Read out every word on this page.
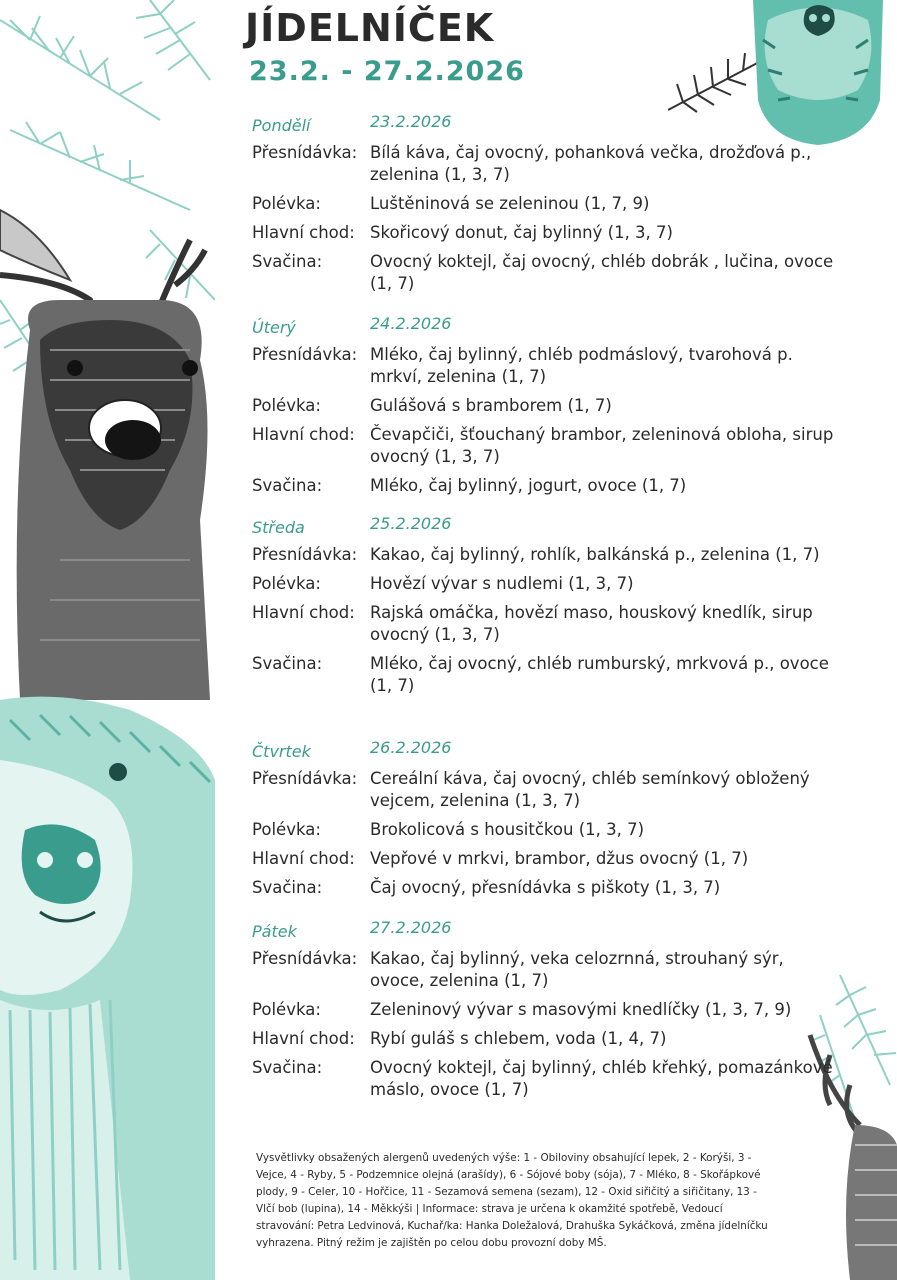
JÍDELNÍČEK
23.2. - 27.2.2026
Pondělí	23.2.2026
Přesnídávka: Bílá káva, čaj ovocný, pohanková večka, drožďová p., zelenina (1, 3, 7)
Polévka:	Luštěninová se zeleninou (1, 7, 9)
Hlavní chod: Skořicový donut, čaj bylinný (1, 3, 7)
Svačina:	Ovocný koktejl, čaj ovocný, chléb dobrák , lučina, ovoce (1, 7)
Úterý	24.2.2026
Přesnídávka: Mléko, čaj bylinný, chléb podmáslový, tvarohová p. mrkví, zelenina (1, 7)
Polévka:	Gulášová s bramborem (1, 7)
Hlavní chod: Čevapčiči, šťouchaný brambor, zeleninová obloha, sirup ovocný (1, 3, 7)
Svačina:	Mléko, čaj bylinný, jogurt, ovoce (1, 7)
Středa	25.2.2026
Přesnídávka: Kakao, čaj bylinný, rohlík, balkánská p., zelenina (1, 7)
Polévka:	Hovězí vývar s nudlemi (1, 3, 7)
Hlavní chod: Rajská omáčka, hovězí maso, houskový knedlík, sirup ovocný (1, 3, 7)
Svačina:	Mléko, čaj ovocný, chléb rumburský, mrkvová p., ovoce (1, 7)
Čtvrtek	26.2.2026
Přesnídávka: Cereální káva, čaj ovocný, chléb semínkový obložený vejcem, zelenina (1, 3, 7)
Polévka:	Brokolicová s housitčkou (1, 3, 7)
Hlavní chod: Vepřové v mrkvi, brambor, džus ovocný (1, 7)
Svačina:	Čaj ovocný, přesnídávka s piškoty (1, 3, 7)
Pátek	27.2.2026
Přesnídávka: Kakao, čaj bylinný, veka celozrnná, strouhaný sýr, ovoce, zelenina (1, 7)
Polévka:	Zeleninový vývar s masovými knedlíčky (1, 3, 7, 9)
Hlavní chod: Rybí guláš s chlebem, voda (1, 4, 7)
Svačina:	Ovocný koktejl, čaj bylinný, chléb křehký, pomazánkové máslo, ovoce (1, 7)

Vysvětlivky obsažených alergenů uvedených výše: 1 - Obiloviny obsahující lepek, 2 - Korýši, 3 - Vejce, 4 - Ryby, 5 - Podzemnice olejná (arašídy), 6 - Sójové boby (sója), 7 - Mléko, 8 - Skořápkové plody, 9 - Celer, 10 - Hořčice, 11 - Sezamová semena (sezam), 12 - Oxid siřičitý a siřičitany, 13 - Vlčí bob (lupina), 14 - Měkkýši | Informace: strava je určena k okamžité spotřebě, Vedoucí stravování: Petra Ledvinová, Kuchař/ka: Hanka Doležalová, Drahuška Sykáčková, změna jídelníčku vyhrazena. Pitný režim je zajištěn po celou dobu provozní doby MŠ.
